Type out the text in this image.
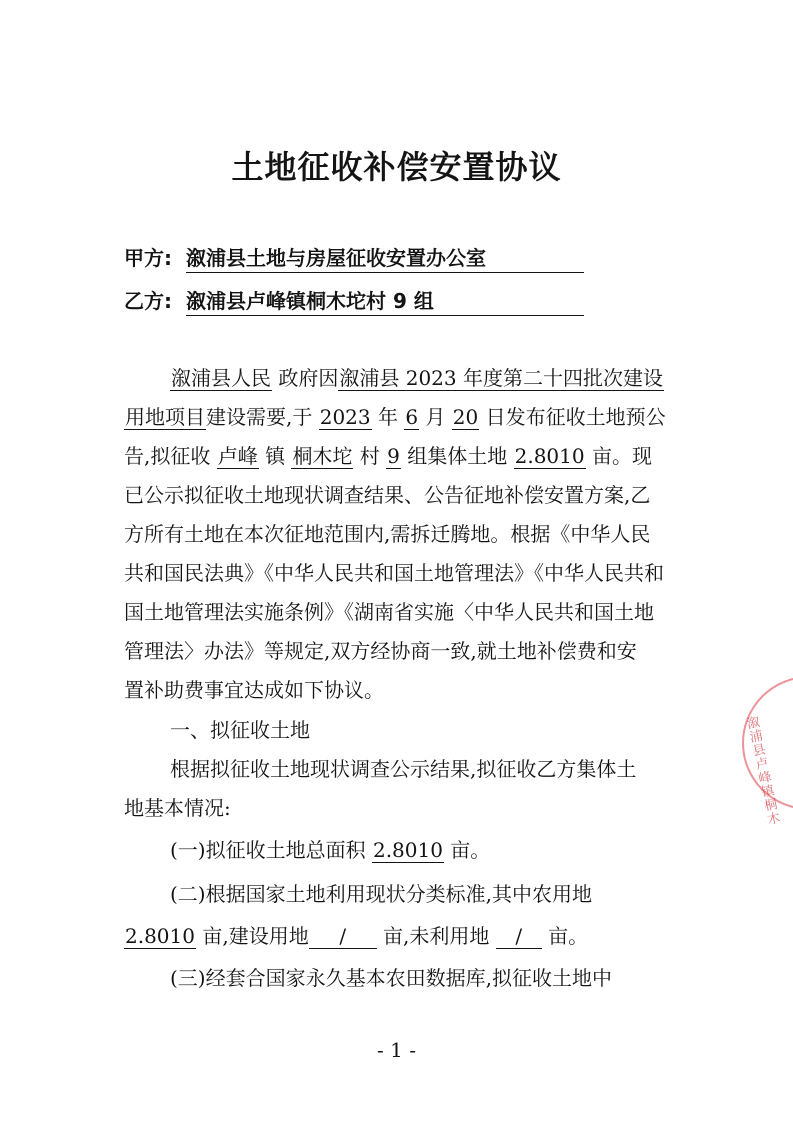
土地征收补偿安置协议
甲方: 溆浦县土地与房屋征收安置办公室
乙方: 溆浦县卢峰镇桐木坨村 9 组
溆浦县人民 政府因溆浦县 2023 年度第二十四批次建设
用地项目建设需要,于 2023 年 6 月 20 日发布征收土地预公
告,拟征收 卢峰 镇 桐木坨 村 9 组集体土地 2.8010 亩。现
已公示拟征收土地现状调查结果、公告征地补偿安置方案,乙
方所有土地在本次征地范围内,需拆迁腾地。根据《中华人民
共和国民法典》《中华人民共和国土地管理法》《中华人民共和
国土地管理法实施条例》《湖南省实施〈中华人民共和国土地
管理法〉办法》等规定,双方经协商一致,就土地补偿费和安
置补助费事宜达成如下协议。
一、拟征收土地
根据拟征收土地现状调查公示结果,拟征收乙方集体土
地基本情况:
(一)拟征收土地总面积 2.8010 亩。
(二)根据国家土地利用现状分类标准,其中农用地
2.8010 亩,建设用地 / 亩,未利用地 / 亩。
(三)经套合国家永久基本农田数据库,拟征收土地中
溆浦县卢峰镇桐木
- 1 -
